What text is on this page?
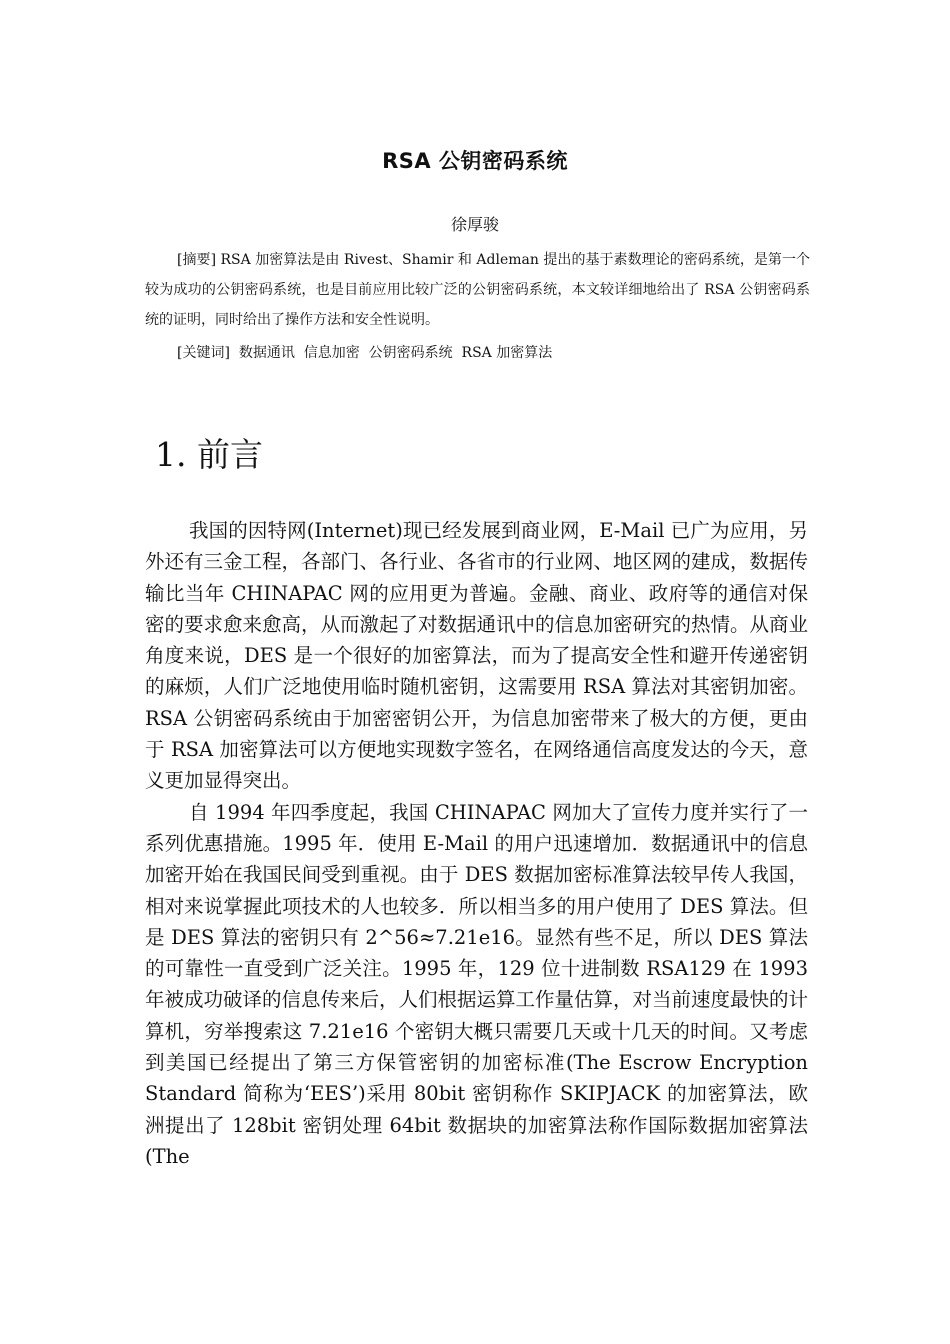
RSA 公钥密码系统
徐厚骏

[摘要] RSA 加密算法是由 Rivest、Shamir 和 Adleman 提出的基于素数理论的密码系统，是第一个较为成功的公钥密码系统，也是目前应用比较广泛的公钥密码系统，本文较详细地给出了 RSA 公钥密码系统的证明，同时给出了操作方法和安全性说明。

[关键词]  数据通讯  信息加密  公钥密码系统  RSA 加密算法

1. 前言

我国的因特网(Internet)现已经发展到商业网，E-Mail 已广为应用，另外还有三金工程，各部门、各行业、各省市的行业网、地区网的建成，数据传输比当年 CHINAPAC 网的应用更为普遍。金融、商业、政府等的通信对保密的要求愈来愈高，从而激起了对数据通讯中的信息加密研究的热情。从商业角度来说，DES 是一个很好的加密算法，而为了提高安全性和避开传递密钥的麻烦，人们广泛地使用临时随机密钥，这需要用 RSA 算法对其密钥加密。RSA 公钥密码系统由于加密密钥公开，为信息加密带来了极大的方便，更由于 RSA 加密算法可以方便地实现数字签名，在网络通信高度发达的今天，意义更加显得突出。

自 1994 年四季度起，我国 CHINAPAC 网加大了宣传力度并实行了一系列优惠措施。1995 年．使用 E-Mail 的用户迅速增加．数据通讯中的信息加密开始在我国民间受到重视。由于 DES 数据加密标准算法较早传人我国，相对来说掌握此项技术的人也较多．所以相当多的用户使用了 DES 算法。但是 DES 算法的密钥只有 2^56≈7.21e16。显然有些不足，所以 DES 算法的可靠性一直受到广泛关注。1995 年，129 位十进制数 RSA129 在 1993 年被成功破译的信息传来后，人们根据运算工作量估算，对当前速度最快的计算机，穷举搜索这 7.21e16 个密钥大概只需要几天或十几天的时间。又考虑到美国已经提出了第三方保管密钥的加密标准(The Escrow Encryption Standard 简称为‘EES’)采用 80bit 密钥称作 SKIPJACK 的加密算法，欧洲提出了 128bit 密钥处理 64bit 数据块的加密算法称作国际数据加密算法(The
